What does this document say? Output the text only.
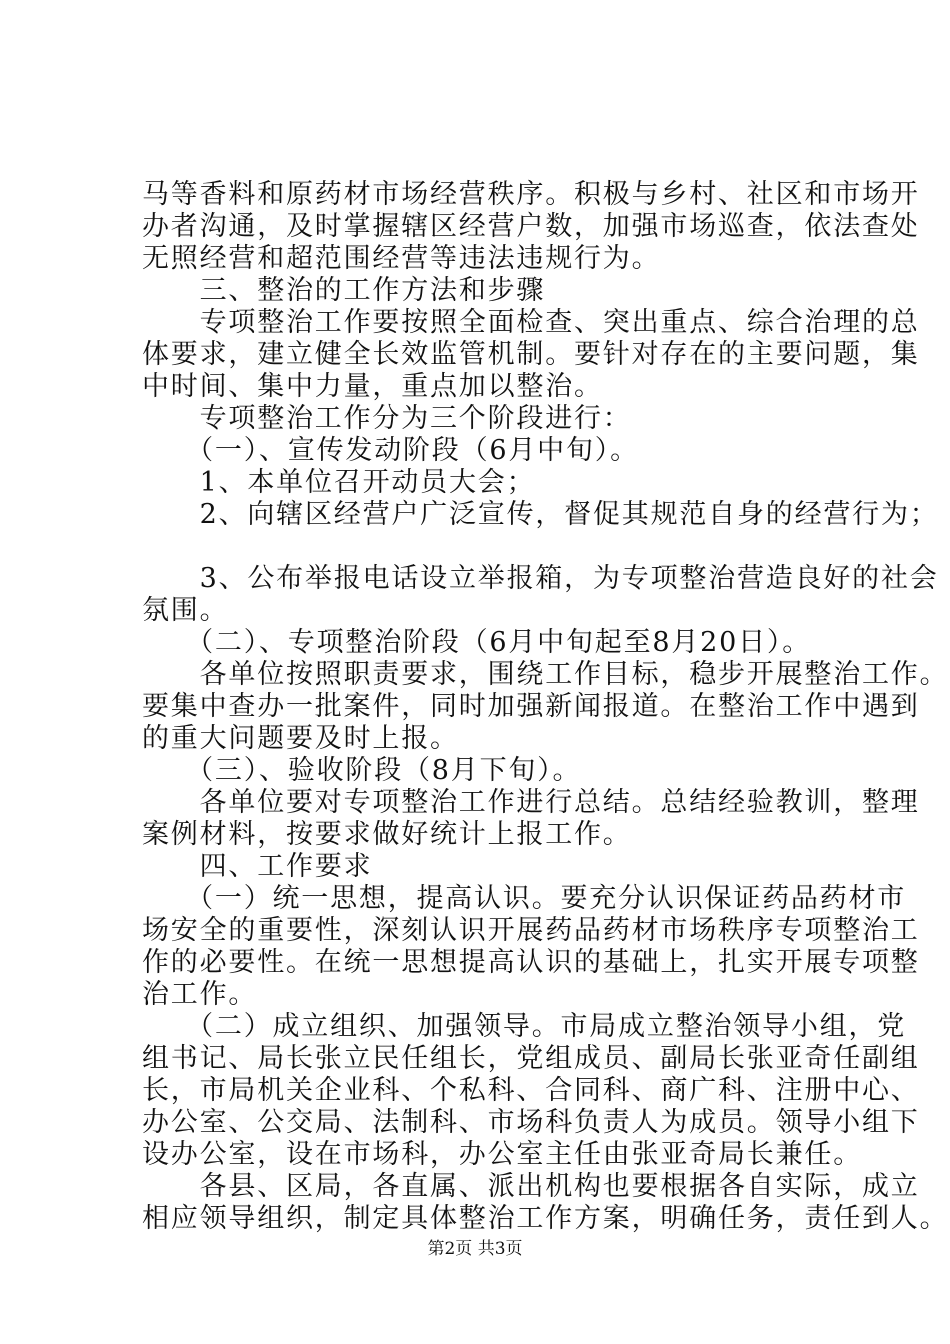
马等香料和原药材市场经营秩序。积极与乡村、社区和市场开
办者沟通，及时掌握辖区经营户数，加强市场巡查，依法查处
无照经营和超范围经营等违法违规行为。
　　三、整治的工作方法和步骤
　　专项整治工作要按照全面检查、突出重点、综合治理的总
体要求，建立健全长效监管机制。要针对存在的主要问题，集
中时间、集中力量，重点加以整治。
　　专项整治工作分为三个阶段进行：
　　（一）、宣传发动阶段（6月中旬）。
　　1、本单位召开动员大会；
　　2、向辖区经营户广泛宣传，督促其规范自身的经营行为；
　　3、公布举报电话设立举报箱，为专项整治营造良好的社会
氛围。
　　（二）、专项整治阶段（6月中旬起至8月20日）。
　　各单位按照职责要求，围绕工作目标，稳步开展整治工作。
要集中查办一批案件，同时加强新闻报道。在整治工作中遇到
的重大问题要及时上报。
　　（三）、验收阶段（8月下旬）。
　　各单位要对专项整治工作进行总结。总结经验教训，整理
案例材料，按要求做好统计上报工作。
　　四、工作要求
　　（一）统一思想，提高认识。要充分认识保证药品药材市
场安全的重要性，深刻认识开展药品药材市场秩序专项整治工
作的必要性。在统一思想提高认识的基础上，扎实开展专项整
治工作。
　　（二）成立组织、加强领导。市局成立整治领导小组，党
组书记、局长张立民任组长，党组成员、副局长张亚奇任副组
长，市局机关企业科、个私科、合同科、商广科、注册中心、
办公室、公交局、法制科、市场科负责人为成员。领导小组下
设办公室，设在市场科，办公室主任由张亚奇局长兼任。
　　各县、区局，各直属、派出机构也要根据各自实际，成立
相应领导组织，制定具体整治工作方案，明确任务，责任到人。
第2页 共3页
